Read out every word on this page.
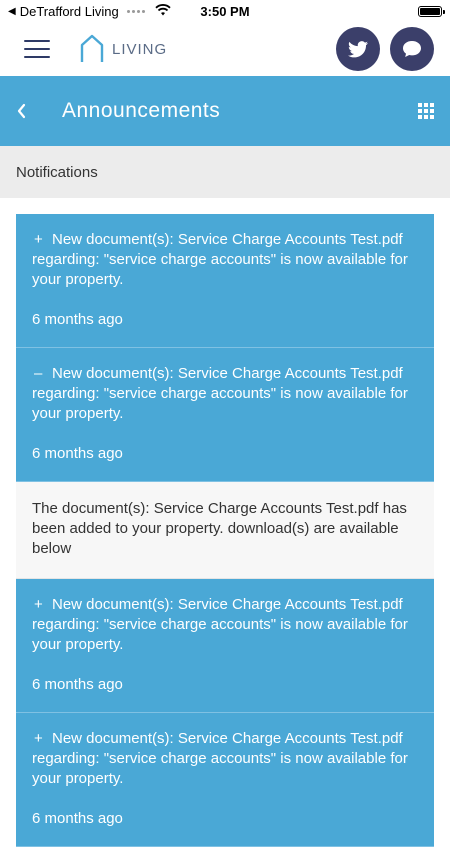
◀ DeTrafford Living	3:50 PM
LIVING
Announcements
Notifications
+ New document(s): Service Charge Accounts Test.pdf regarding: "service charge accounts" is now available for your property.
6 months ago
– New document(s): Service Charge Accounts Test.pdf regarding: "service charge accounts" is now available for your property.
6 months ago
The document(s): Service Charge Accounts Test.pdf has been added to your property. download(s) are available below
+ New document(s): Service Charge Accounts Test.pdf regarding: "service charge accounts" is now available for your property.
6 months ago
+ New document(s): Service Charge Accounts Test.pdf regarding: "service charge accounts" is now available for your property.
6 months ago
